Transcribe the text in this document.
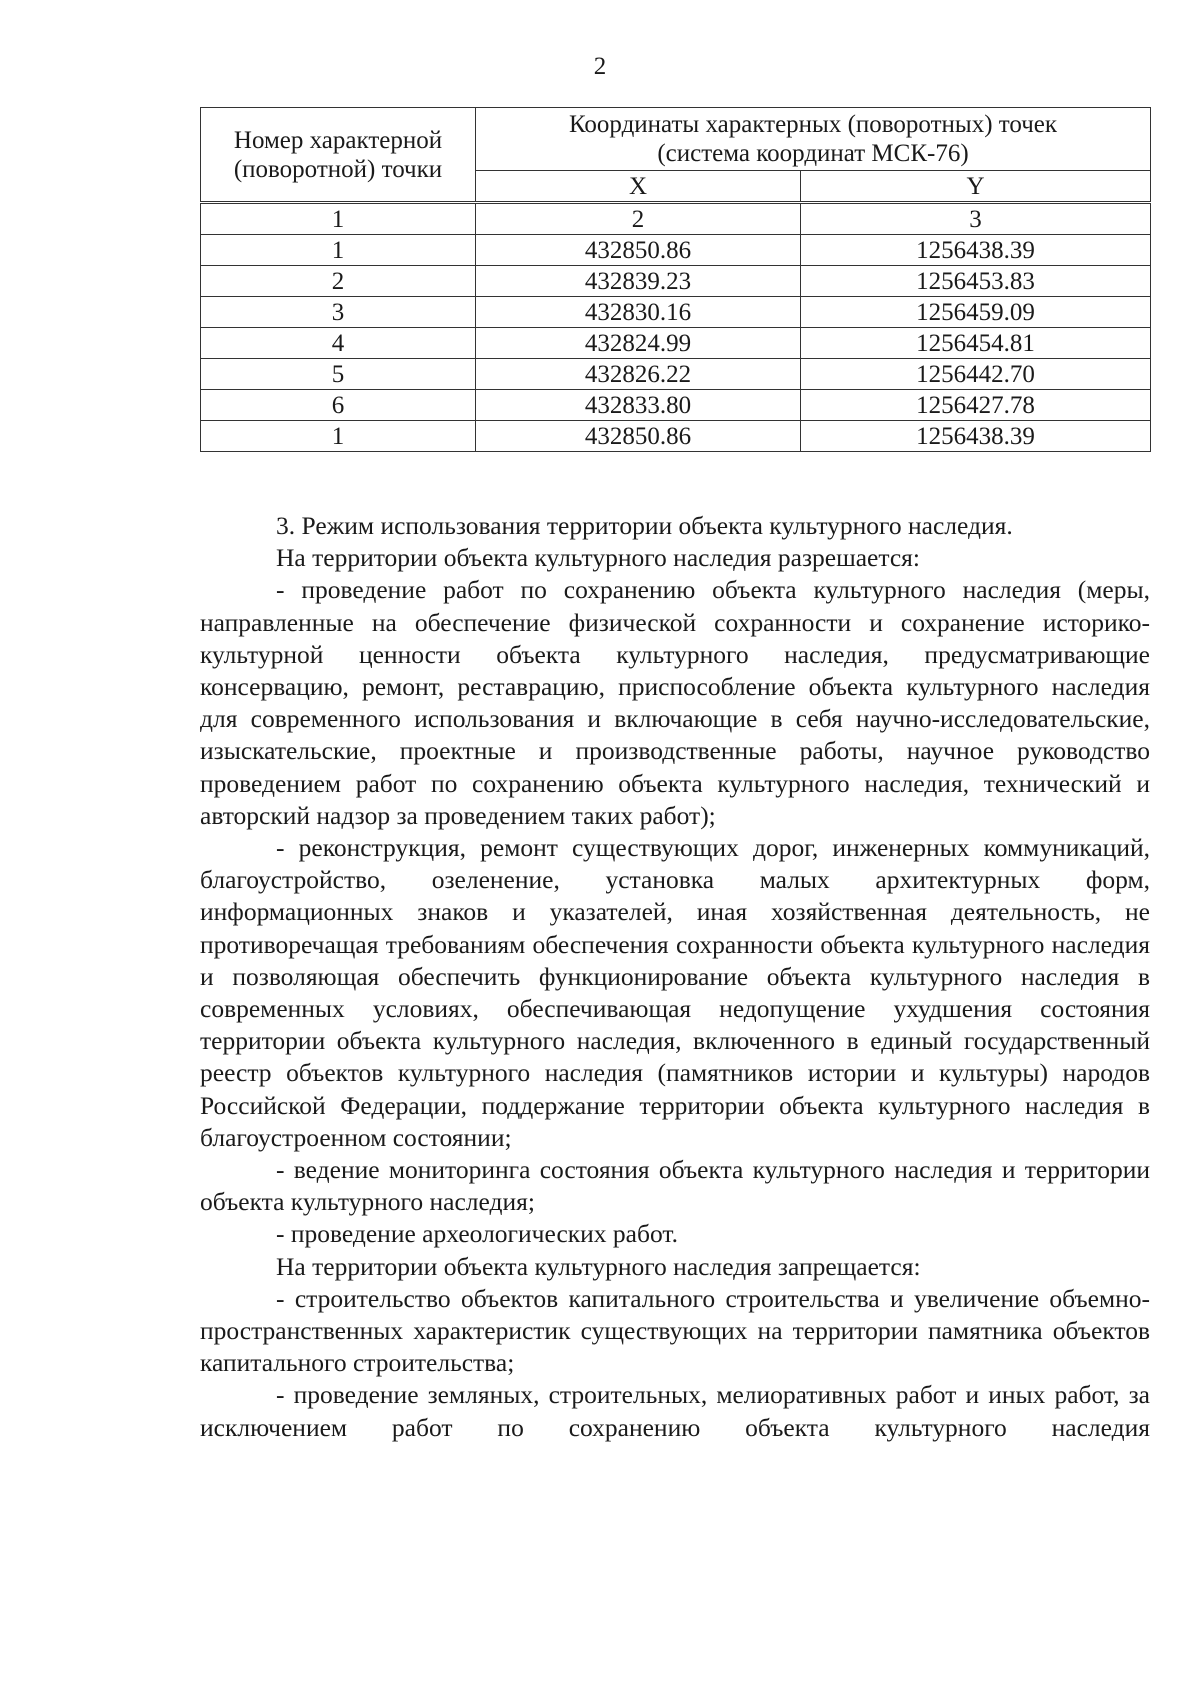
2
Номер характерной (поворотной) точки	Координаты характерных (поворотных) точек
(система координат МСК-76)	
	X	Y
1	2	3
1	432850.86	1256438.39
2	432839.23	1256453.83
3	432830.16	1256459.09
4	432824.99	1256454.81
5	432826.22	1256442.70
6	432833.80	1256427.78
1	432850.86	1256438.39

3. Режим использования территории объекта культурного наследия.

На территории объекта культурного наследия разрешается:

- проведение работ по сохранению объекта культурного наследия (меры, направленные на обеспечение физической сохранности и сохранение историко-культурной ценности объекта культурного наследия, предусматривающие консервацию, ремонт, реставрацию, приспособление объекта культурного наследия для современного использования и включающие в себя научно-исследовательские, изыскательские, проектные и производственные работы, научное руководство проведением работ по сохранению объекта культурного наследия, технический и авторский надзор за проведением таких работ);

- реконструкция, ремонт существующих дорог, инженерных коммуникаций, благоустройство, озеленение, установка малых архитектурных форм, информационных знаков и указателей, иная хозяйственная деятельность, не противоречащая требованиям обеспечения сохранности объекта культурного наследия и позволяющая обеспечить функционирование объекта культурного наследия в современных условиях, обеспечивающая недопущение ухудшения состояния территории объекта культурного наследия, включенного в единый государственный реестр объектов культурного наследия (памятников истории и культуры) народов Российской Федерации, поддержание территории объекта культурного наследия в благоустроенном состоянии;

- ведение мониторинга состояния объекта культурного наследия и территории объекта культурного наследия;

- проведение археологических работ.

На территории объекта культурного наследия запрещается:

- строительство объектов капитального строительства и увеличение объемно-пространственных характеристик существующих на территории памятника объектов капитального строительства;

- проведение земляных, строительных, мелиоративных работ и иных работ, за исключением работ по сохранению объекта культурного наследия
